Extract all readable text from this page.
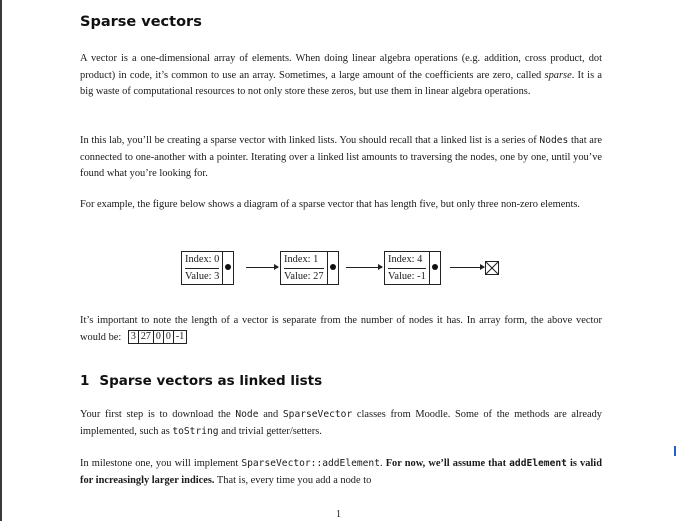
Sparse vectors

A vector is a one-dimensional array of elements. When doing linear algebra operations (e.g. addition, cross product, dot product) in code, it’s common to use an array. Sometimes, a large amount of the coefficients are zero, called sparse. It is a big waste of computational resources to not only store these zeros, but use them in linear algebra operations.

In this lab, you’ll be creating a sparse vector with linked lists. You should recall that a linked list is a series of Nodes that are connected to one-another with a pointer. Iterating over a linked list amounts to traversing the nodes, one by one, until you’ve found what you’re looking for.

For example, the figure below shows a diagram of a sparse vector that has length five, but only three non-zero elements.

It’s important to note the length of a vector is separate from the number of nodes it has. In array form, the above vector would be: 3 27 0 0 -1

1 Sparse vectors as linked lists

Your first step is to download the Node and SparseVector classes from Moodle. Some of the methods are already implemented, such as toString and trivial getter/setters.

In milestone one, you will implement SparseVector::addElement. For now, we’ll assume that addElement is valid for increasingly larger indices. That is, every time you add a node to

Index: 0
Value: 3
Index: 1
Value: 27
Index: 4
Value: -1
1
